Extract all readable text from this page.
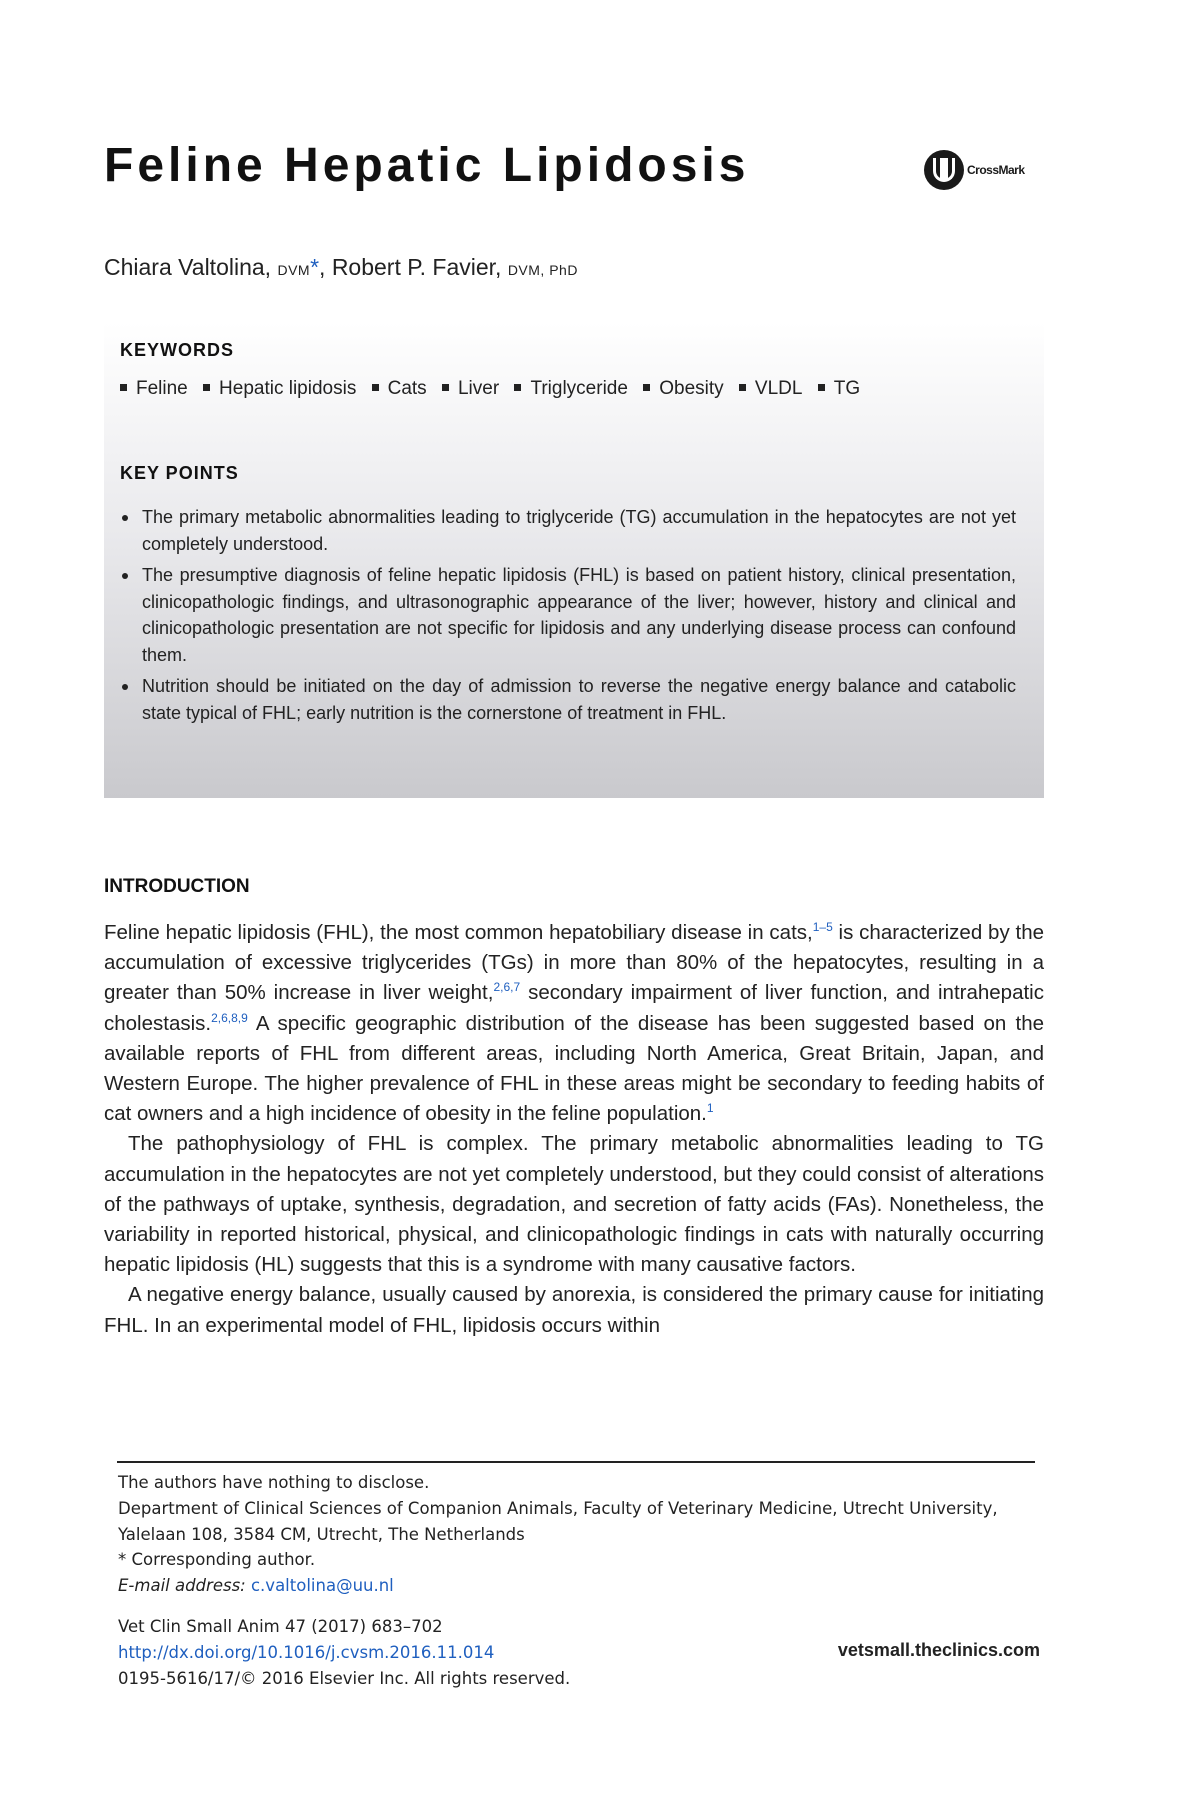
Feline Hepatic Lipidosis	CrossMark
Chiara Valtolina, DVM*, Robert P. Favier, DVM, PhD
KEYWORDS
Feline Hepatic lipidosis Cats Liver Triglyceride Obesity VLDL TG
KEY POINTS
The primary metabolic abnormalities leading to triglyceride (TG) accumulation in the hepatocytes are not yet completely understood.
The presumptive diagnosis of feline hepatic lipidosis (FHL) is based on patient history, clinical presentation, clinicopathologic findings, and ultrasonographic appearance of the liver; however, history and clinical and clinicopathologic presentation are not specific for lipidosis and any underlying disease process can confound them.
Nutrition should be initiated on the day of admission to reverse the negative energy balance and catabolic state typical of FHL; early nutrition is the cornerstone of treatment in FHL.
INTRODUCTION

Feline hepatic lipidosis (FHL), the most common hepatobiliary disease in cats,$^{1-5}$ is characterized by the accumulation of excessive triglycerides (TGs) in more than 80% of the hepatocytes, resulting in a greater than 50% increase in liver weight,$^{2,6,7}$ secondary impairment of liver function, and intrahepatic cholestasis.$^{2,6,8,9}$ A specific geographic distribution of the disease has been suggested based on the available reports of FHL from different areas, including North America, Great Britain, Japan, and Western Europe. The higher prevalence of FHL in these areas might be secondary to feeding habits of cat owners and a high incidence of obesity in the feline population.$^1$

The pathophysiology of FHL is complex. The primary metabolic abnormalities leading to TG accumulation in the hepatocytes are not yet completely understood, but they could consist of alterations of the pathways of uptake, synthesis, degradation, and secretion of fatty acids (FAs). Nonetheless, the variability in reported historical, physical, and clinicopathologic findings in cats with naturally occurring hepatic lipidosis (HL) suggests that this is a syndrome with many causative factors.

A negative energy balance, usually caused by anorexia, is considered the primary cause for initiating FHL. In an experimental model of FHL, lipidosis occurs within

The authors have nothing to disclose.

Department of Clinical Sciences of Companion Animals, Faculty of Veterinary Medicine, Utrecht University, Yalelaan 108, 3584 CM, Utrecht, The Netherlands

* Corresponding author.

E-mail address: c.valtolina@uu.nl

Vet Clin Small Anim 47 (2017) 683–702

http://dx.doi.org/10.1016/j.cvsm.2016.11.014

0195-5616/17/© 2016 Elsevier Inc. All rights reserved.

vetsmall.theclinics.com
